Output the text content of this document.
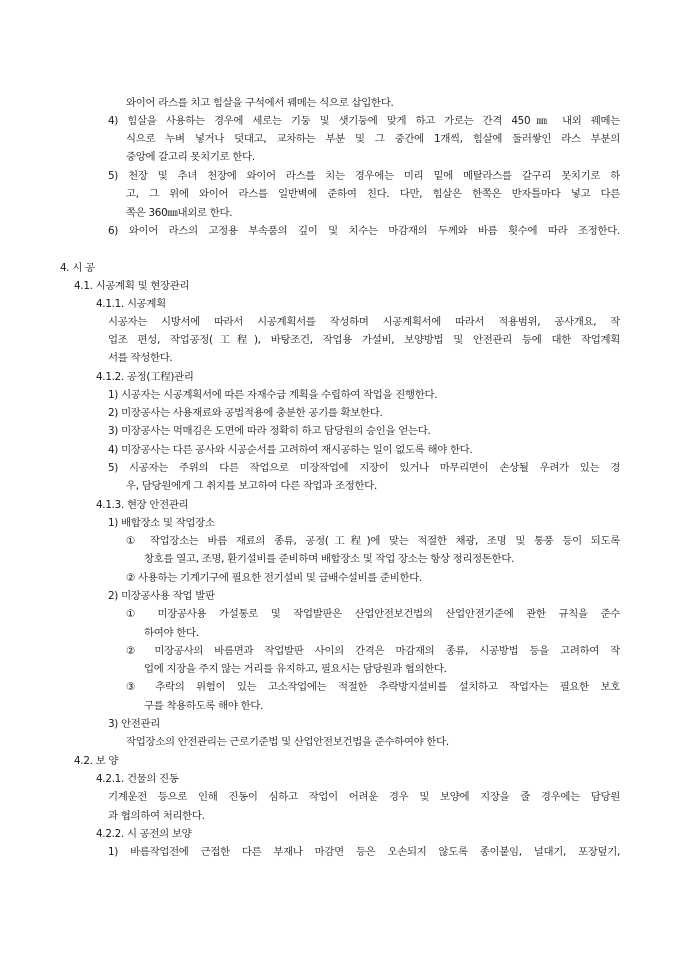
와이어 라스를 치고 힘살을 구석에서 꿰메는 식으로 삽입한다.
4) 힘살을 사용하는 경우에 세로는 기둥 및 샛기둥에 맞게 하고 가로는 간격 450㎜ 내외 꿰메는
식으로 누벼 넣거나 덧대고, 교차하는 부분 및 그 중간에 1개씩, 힘살에 둘러쌓인 라스 부분의
중앙에 갈고리 못치기로 한다.
5) 천장 및 추녀 천장에 와이어 라스를 치는 경우에는 미리 밑에 메탈라스를 갈구리 못치기로 하
고, 그 위에 와이어 라스를 일반벽에 준하여 친다. 다만, 힘살은 한쪽은 반자틀마다 넣고 다른
쪽은 360㎜내외로 한다.
6) 와이어 라스의 고정용 부속품의 깊이 및 치수는 마감재의 두께와 바름 횟수에 따라 조정한다.
4. 시 공
4.1. 시공계획 및 현장관리
4.1.1. 시공계획
시공자는 시방서에 따라서 시공계획서를 작성하며 시공계획서에 따라서 적용범위, 공사개요, 작
업조 편성, 작업공정(工程), 바탕조건, 작업용 가설비, 보양방법 및 안전관리 등에 대한 작업계획
서를 작성한다.
4.1.2. 공정(工程)관리
1) 시공자는 시공계획서에 따른 자재수급 계획을 수립하여 작업을 진행한다.
2) 미장공사는 사용재료와 공법적용에 충분한 공기를 확보한다.
3) 미장공사는 먹매김은 도면에 따라 정확히 하고 담당원의 승인을 얻는다.
4) 미장공사는 다른 공사와 시공순서를 고려하여 재시공하는 일이 없도록 해야 한다.
5) 시공자는 주위의 다른 작업으로 미장작업에 지장이 있거나 마무리면이 손상될 우려가 있는 경
우, 담당원에게 그 취지를 보고하여 다른 작업과 조정한다.
4.1.3. 현장 안전관리
1) 배합장소 및 작업장소
① 작업장소는 바름 재료의 종류, 공정(工程)에 맞는 적절한 채광, 조명 및 통풍 등이 되도록
창호를 열고, 조명, 환기설비를 준비하며 배합장소 및 작업 장소는 항상 정리정돈한다.
② 사용하는 기계기구에 필요한 전기설비 및 급배수설비를 준비한다.
2) 미장공사용 작업 발판
① 미장공사용 가설통로 및 작업발판은 산업안전보건법의 산업안전기준에 관한 규칙을 준수
하여야 한다.
② 미장공사의 바름면과 작업발판 사이의 간격은 마감재의 종류, 시공방법 등을 고려하여 작
업에 지장을 주지 않는 거리를 유지하고, 필요시는 담당원과 협의한다.
③ 추락의 위험이 있는 고소작업에는 적절한 추락방지설비를 설치하고 작업자는 필요한 보호
구를 착용하도록 해야 한다.
3) 안전관리
작업장소의 안전관리는 근로기준법 및 산업안전보건법을 준수하여야 한다.
4.2. 보 양
4.2.1. 건물의 진동
기계운전 등으로 인해 진동이 심하고 작업이 어려운 경우 및 보양에 지장을 줄 경우에는 담당원
과 협의하여 처리한다.
4.2.2. 시 공전의 보양
1) 바름작업전에 근접한 다른 부재나 마감면 등은 오손되지 않도록 종이붙임, 널대기, 포장덮기,
